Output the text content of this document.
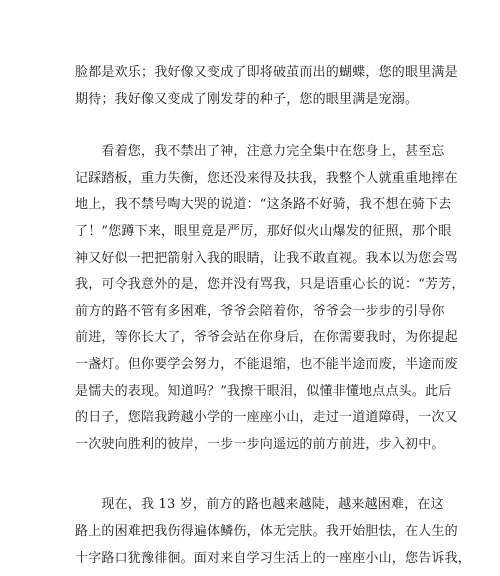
脸都是欢乐；我好像又变成了即将破茧而出的蝴蝶，您的眼里满是
期待；我好像又变成了刚发芽的种子，您的眼里满是宠溺。
　　看着您，我不禁出了神，注意力完全集中在您身上，甚至忘
记踩踏板，重力失衡，您还没来得及扶我，我整个人就重重地摔在
地上，我不禁号啕大哭的说道：“这条路不好骑，我不想在骑下去
了！”您蹲下来，眼里竟是严厉，那好似火山爆发的征照，那个眼
神又好似一把把箭射入我的眼睛，让我不敢直视。我本以为您会骂
我，可令我意外的是，您并没有骂我，只是语重心长的说：“芳芳，
前方的路不管有多困难，爷爷会陪着你，爷爷会一步步的引导你
前进，等你长大了，爷爷会站在你身后，在你需要我时，为你提起
一盏灯。但你要学会努力，不能退缩，也不能半途而废，半途而废
是懦夫的表现。知道吗？”我擦干眼泪，似懂非懂地点点头。此后
的日子，您陪我跨越小学的一座座小山，走过一道道障碍，一次又
一次驶向胜利的彼岸，一步一步向遥远的前方前进，步入初中。
　　现在，我 13 岁，前方的路也越来越陡，越来越困难，在这
路上的困难把我伤得遍体鳞伤，体无完肤。我开始胆怯，在人生的
十字路口犹豫徘徊。面对来自学习生活上的一座座小山，您告诉我，
